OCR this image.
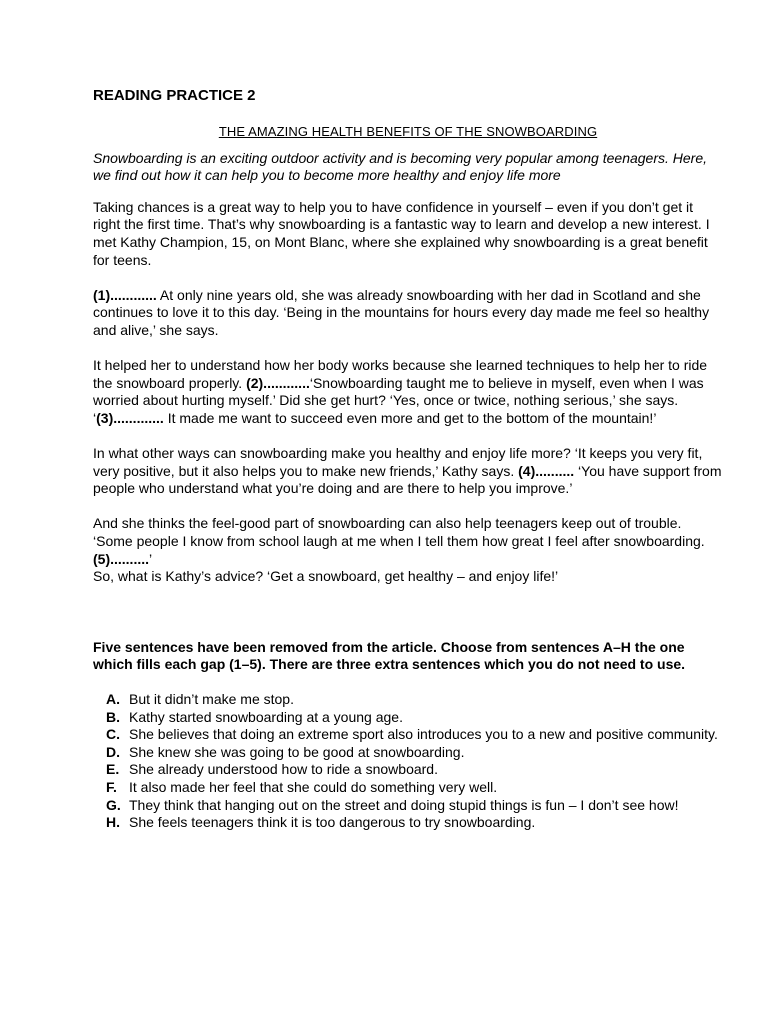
READING PRACTICE 2

THE AMAZING HEALTH BENEFITS OF THE SNOWBOARDING

Snowboarding is an exciting outdoor activity and is becoming very popular among teenagers. Here, we find out how it can help you to become more healthy and enjoy life more

Taking chances is a great way to help you to have confidence in yourself – even if you don’t get it right the first time. That’s why snowboarding is a fantastic way to learn and develop a new interest. I met Kathy Champion, 15, on Mont Blanc, where she explained why snowboarding is a great benefit for teens.

(1)............ At only nine years old, she was already snowboarding with her dad in Scotland and she continues to love it to this day. ‘Being in the mountains for hours every day made me feel so healthy and alive,’ she says.

It helped her to understand how her body works because she learned techniques to help her to ride the snowboard properly. (2)............‘Snowboarding taught me to believe in myself, even when I was worried about hurting myself.’ Did she get hurt? ‘Yes, once or twice, nothing serious,’ she says. ‘(3)............. It made me want to succeed even more and get to the bottom of the mountain!’

In what other ways can snowboarding make you healthy and enjoy life more? ‘It keeps you very fit, very positive, but it also helps you to make new friends,’ Kathy says. (4).......... ‘You have support from people who understand what you’re doing and are there to help you improve.’

And she thinks the feel-good part of snowboarding can also help teenagers keep out of trouble. ‘Some people I know from school laugh at me when I tell them how great I feel after snowboarding. (5)..........’
So, what is Kathy’s advice? ‘Get a snowboard, get healthy – and enjoy life!’

Five sentences have been removed from the article. Choose from sentences A–H the one which fills each gap (1–5). There are three extra sentences which you do not need to use.

A. But it didn’t make me stop.
B. Kathy started snowboarding at a young age.
C. She believes that doing an extreme sport also introduces you to a new and positive community.
D. She knew she was going to be good at snowboarding.
E. She already understood how to ride a snowboard.
F. It also made her feel that she could do something very well.
G. They think that hanging out on the street and doing stupid things is fun – I don’t see how!
H. She feels teenagers think it is too dangerous to try snowboarding.
